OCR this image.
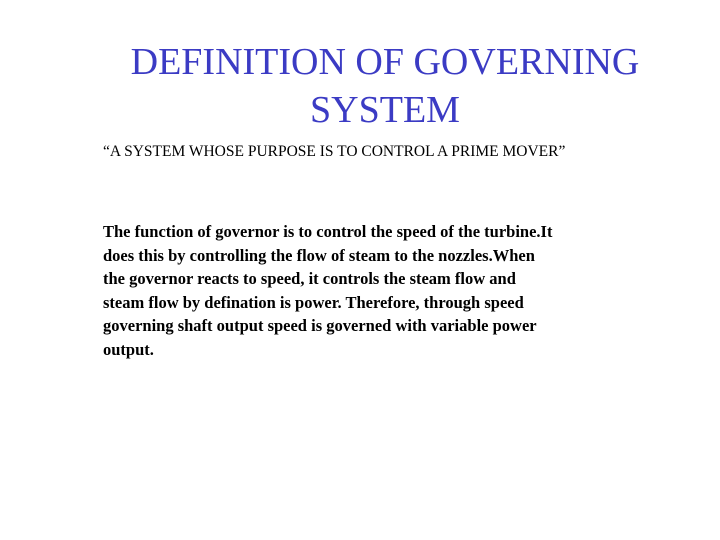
DEFINITION OF GOVERNING SYSTEM

“A SYSTEM WHOSE PURPOSE IS TO CONTROL A PRIME MOVER”

The function of governor is to control the speed of the turbine.It does this by controlling the flow of steam to the nozzles.When the governor reacts to speed, it controls the steam flow and steam flow by defination is power. Therefore, through speed governing shaft output speed is governed with variable power output.
